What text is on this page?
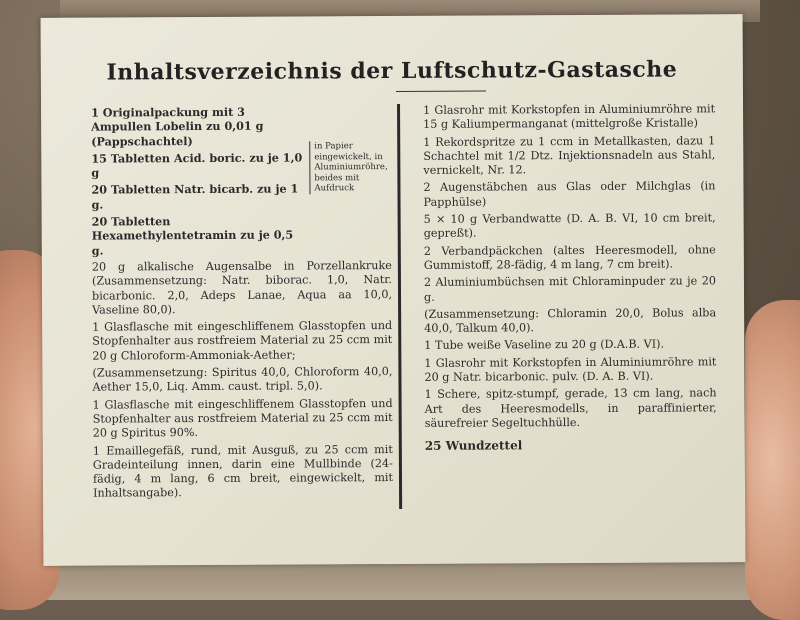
Inhaltsverzeichnis der Luftschutz-Gastasche
1 Originalpackung mit 3 Ampullen Lobelin zu 0,01 g (Pappschachtel)
15 Tabletten Acid. boric. zu je 1,0 g
20 Tabletten Natr. bicarb. zu je 1 g.
20 Tabletten Hexamethylentetramin zu je 0,5 g.
20 g alkalische Augensalbe in Porzellankruke (Zusammensetzung: Natr. biborac. 1,0, Natr. bicarbonic. 2,0, Adeps Lanae, Aqua aa 10,0, Vaseline 80,0).
1 Glasflasche mit eingeschliffenem Glasstopfen und Stopfenhalter aus rostfreiem Material zu 25 ccm mit 20 g Chloroform-Ammoniak-Aether;
(Zusammensetzung: Spiritus 40,0, Chloroform 40,0, Aether 15,0, Liq. Amm. caust. tripl. 5,0).
1 Glasflasche mit eingeschliffenem Glasstopfen und Stopfenhalter aus rostfreiem Material zu 25 ccm mit 20 g Spiritus 90%.
1 Emaillegefäß, rund, mit Ausguß, zu 25 ccm mit Gradeinteilung innen, darin eine Mullbinde (24-fädig, 4 m lang, 6 cm breit, eingewickelt, mit Inhaltsangabe).
in Papier eingewickelt, in Aluminiumröhre, beides mit Aufdruck
1 Glasrohr mit Korkstopfen in Aluminiumröhre mit 15 g Kaliumpermanganat (mittelgroße Kristalle)
1 Rekordspritze zu 1 ccm in Metallkasten, dazu 1 Schachtel mit 1/2 Dtz. Injektionsnadeln aus Stahl, vernickelt, Nr. 12.
2 Augenstäbchen aus Glas oder Milchglas (in Papphülse)
5 × 10 g Verbandwatte (D. A. B. VI, 10 cm breit, gepreßt).
2 Verbandpäckchen (altes Heeresmodell, ohne Gummistoff, 28-fädig, 4 m lang, 7 cm breit).
2 Aluminiumbüchsen mit Chloraminpuder zu je 20 g.
(Zusammensetzung: Chloramin 20,0, Bolus alba 40,0, Talkum 40,0).
1 Tube weiße Vaseline zu 20 g (D.A.B. VI).
1 Glasrohr mit Korkstopfen in Aluminiumröhre mit 20 g Natr. bicarbonic. pulv. (D. A. B. VI).
1 Schere, spitz-stumpf, gerade, 13 cm lang, nach Art des Heeresmodells, in paraffinierter, säurefreier Segeltuchhülle.
25 Wundzettel
